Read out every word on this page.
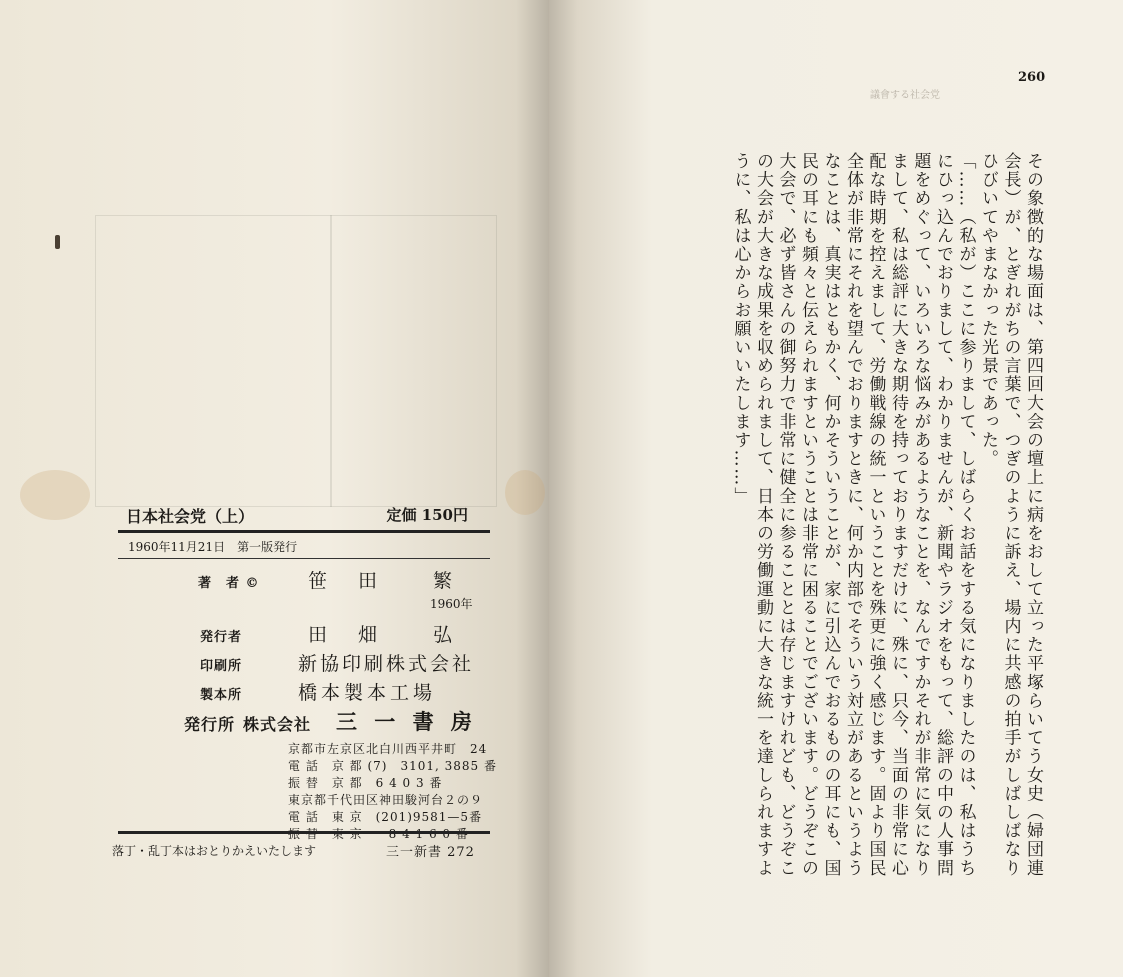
日本社会党（上）	定価 150円
1960年11月21日　第一版発行
著　者 ©	笹　田　　繁
1960年
発行者	田　畑　　弘
印刷所	新協印刷株式会社
製本所	橋本製本工場
発行所 株式会社 三 一 書 房
京都市左京区北白川西平井町　24
電 話　京 都 (7)　3101, 3885 番
振 替　京 都　6 4 0 3 番
東京都千代田区神田駿河台２の９
電 話　東 京　(201)9581—5番
振 替　東 京　　8 4 1 6 0 番
落丁・乱丁本はおとりかえいたします	三一新書 272
議會する社会党
260

その象徴的な場面は、第四回大会の壇上に病をおして立った平塚らいてう女史（婦団連会長）が、とぎれがちの言葉で、つぎのように訴え、場内に共感の拍手がしばしばなりひびいてやまなかった光景であった。

「……（私が）ここに参りまして、しばらくお話をする気になりましたのは、私はうちにひっ込んでおりまして、わかりませんが、新聞やラジオをもって、総評の中の人事問題をめぐって、いろいろな悩みがあるようなことを、なんですかそれが非常に気になりまして、私は総評に大きな期待を持っておりますだけに、殊に、只今、当面の非常に心配な時期を控えまして、労働戦線の統一ということを殊更に強く感じます。固より国民全体が非常にそれを望んでおりますときに、何か内部でそういう対立があるというようなことは、真実はともかく、何かそういうことが、家に引込んでおるものの耳にも、国民の耳にも頻々と伝えられますということは非常に困ることでございます。どうぞこの大会で、必ず皆さんの御努力で非常に健全に参ることとは存じますけれども、どうぞこの大会が大きな成果を収められまして、日本の労働運動に大きな統一を達しられますように、私は心からお願いいたします……」
